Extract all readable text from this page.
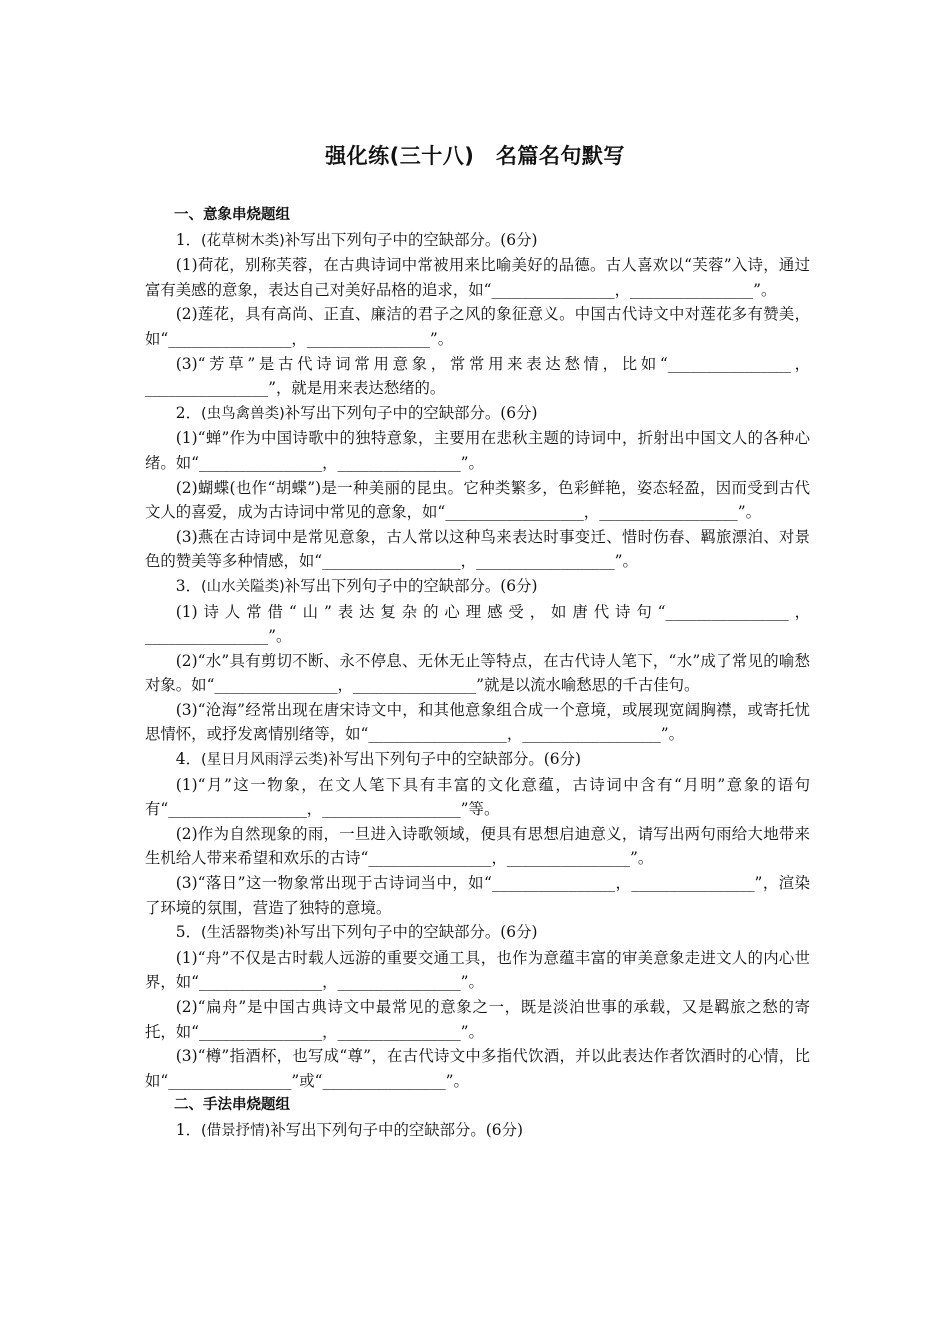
强化练(三十八)　名篇名句默写

一、意象串烧题组

1．(花草树木类)补写出下列句子中的空缺部分。(6分)

(1)荷花，别称芙蓉，在古典诗词中常被用来比喻美好的品德。古人喜欢以“芙蓉”入诗，通过富有美感的意象，表达自己对美好品格的追求，如“________________，________________”。

(2)莲花，具有高尚、正直、廉洁的君子之风的象征意义。中国古代诗文中对莲花多有赞美，如“________________，________________”。

(3)“芳草”是古代诗词常用意象，常常用来表达愁情，比如“________________，________________”，就是用来表达愁绪的。

2．(虫鸟禽兽类)补写出下列句子中的空缺部分。(6分)

(1)“蝉”作为中国诗歌中的独特意象，主要用在悲秋主题的诗词中，折射出中国文人的各种心绪。如“________________，________________”。

(2)蝴蝶(也作“胡蝶”)是一种美丽的昆虫。它种类繁多，色彩鲜艳，姿态轻盈，因而受到古代文人的喜爱，成为古诗词中常见的意象，如“__________________，__________________”。

(3)燕在古诗词中是常见意象，古人常以这种鸟来表达时事变迁、惜时伤春、羁旅漂泊、对景色的赞美等多种情感，如“__________________，__________________”。

3．(山水关隘类)补写出下列句子中的空缺部分。(6分)

(1)诗人常借“山”表达复杂的心理感受，如唐代诗句“________________，________________”。

(2)“水”具有剪切不断、永不停息、无休无止等特点，在古代诗人笔下，“水”成了常见的喻愁对象。如“________________，________________”就是以流水喻愁思的千古佳句。

(3)“沧海”经常出现在唐宋诗文中，和其他意象组合成一个意境，或展现宽阔胸襟，或寄托忧思情怀，或抒发离情别绪等，如“__________________，__________________”。

4．(星日月风雨浮云类)补写出下列句子中的空缺部分。(6分)

(1)“月”这一物象，在文人笔下具有丰富的文化意蕴，古诗词中含有“月明”意象的语句有“__________________，__________________”等。

(2)作为自然现象的雨，一旦进入诗歌领域，便具有思想启迪意义，请写出两句雨给大地带来生机给人带来希望和欢乐的古诗“________________，________________”。

(3)“落日”这一物象常出现于古诗词当中，如“________________，________________”，渲染了环境的氛围，营造了独特的意境。

5．(生活器物类)补写出下列句子中的空缺部分。(6分)

(1)“舟”不仅是古时载人远游的重要交通工具，也作为意蕴丰富的审美意象走进文人的内心世界，如“________________，________________”。

(2)“扁舟”是中国古典诗文中最常见的意象之一，既是淡泊世事的承载，又是羁旅之愁的寄托，如“________________，________________”。

(3)“樽”指酒杯，也写成“尊”，在古代诗文中多指代饮酒，并以此表达作者饮酒时的心情，比如“________________”或“________________”。

二、手法串烧题组

1．(借景抒情)补写出下列句子中的空缺部分。(6分)
